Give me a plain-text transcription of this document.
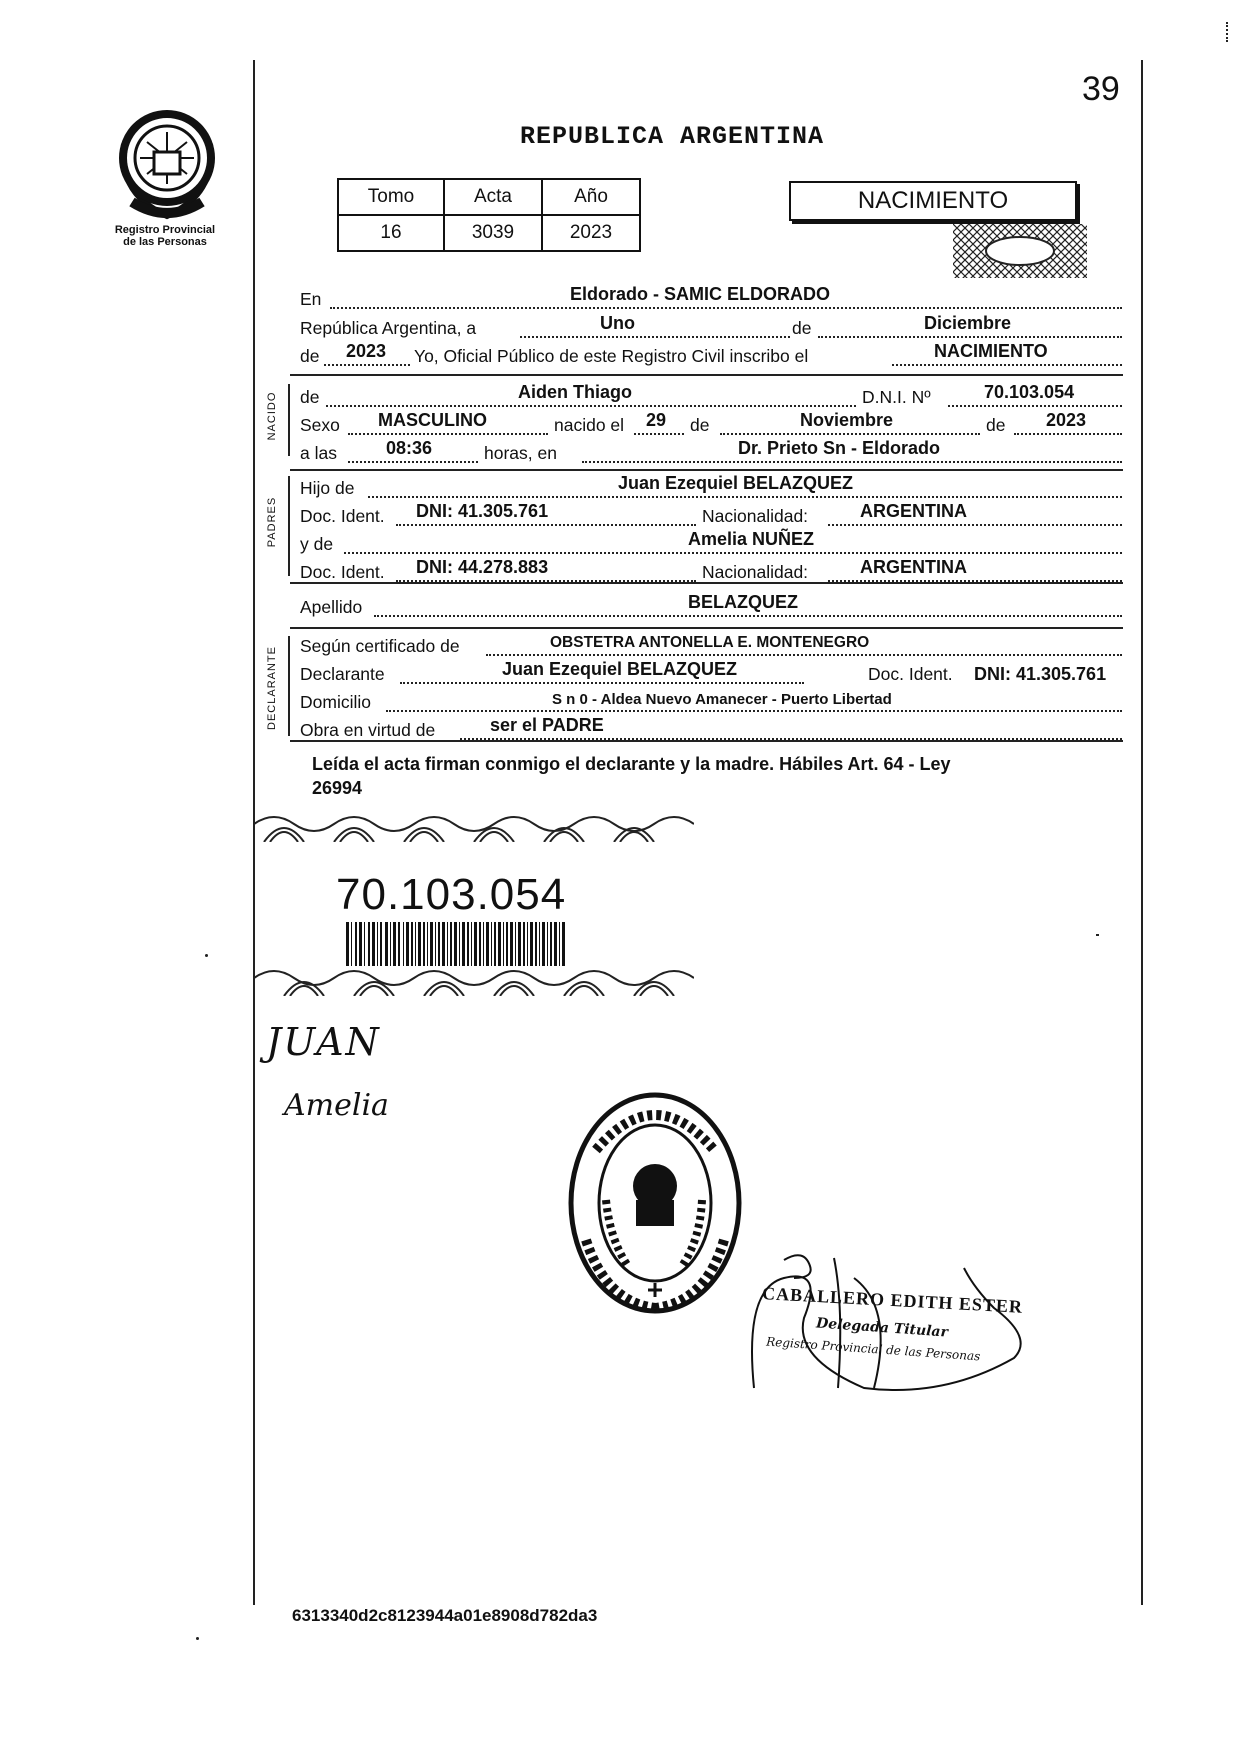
39
Registro Provincial
de las Personas
REPUBLICA ARGENTINA
Tomo	Acta	Año
16	3039	2023
NACIMIENTO
NACIDO
PADRES
DECLARANTE
En	Eldorado - SAMIC ELDORADO
República Argentina, a	Uno	de	Diciembre
de 2023 Yo, Oficial Público de este Registro Civil inscribo el	NACIMIENTO
de	Aiden Thiago	D.N.I. Nº	70.103.054
Sexo MASCULINO	nacido el 29 de	Noviembre	de 2023
a las	08:36	horas, en	Dr. Prieto Sn - Eldorado
Hijo de	Juan Ezequiel BELAZQUEZ
Doc. Ident. DNI: 41.305.761	Nacionalidad:	ARGENTINA
y de	Amelia NUÑEZ
Doc. Ident. DNI: 44.278.883	Nacionalidad:	ARGENTINA
Apellido	BELAZQUEZ
Según certificado de	OBSTETRA ANTONELLA E. MONTENEGRO
Declarante	Juan Ezequiel BELAZQUEZ	Doc. Ident. DNI: 41.305.761
Domicilio	S n 0 - Aldea Nuevo Amanecer - Puerto Libertad
Obra en virtud de	ser el PADRE
Leída el acta firman conmigo el declarante y la madre. Hábiles Art. 64 - Ley
26994
70.103.054
JUAN
Amelia
CABALLERO EDITH ESTER
Delegada Titular
Registro Provincial de las Personas
6313340d2c8123944a01e8908d782da3
